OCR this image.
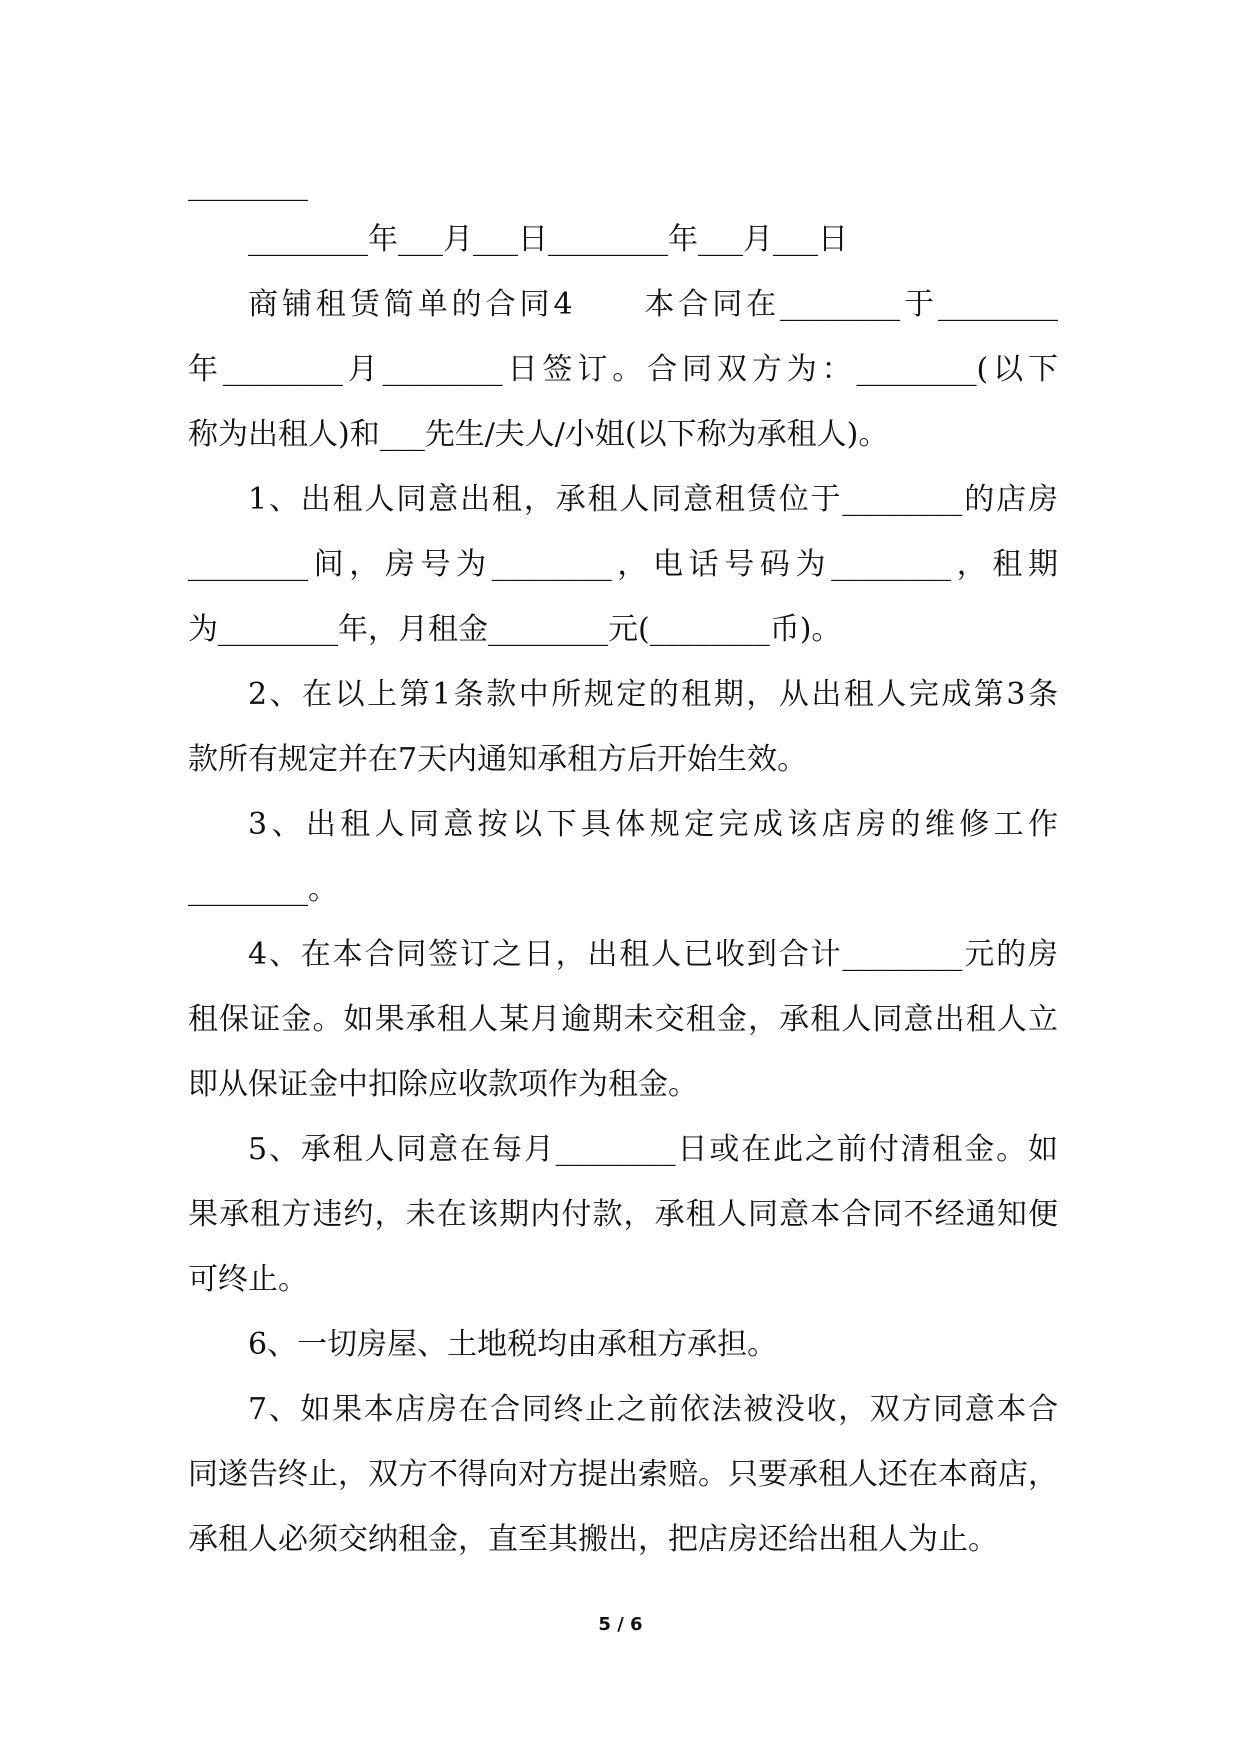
________
________年___月___日________年___月___日
商铺租赁简单的合同4　　本合同在________于________
年________月________日签订。合同双方为：________(以下
称为出租人)和___先生/夫人/小姐(以下称为承租人)。
1、出租人同意出租，承租人同意租赁位于________的店房
________间，房号为________，电话号码为________，租期
为________年，月租金________元(________币)。
2、在以上第1条款中所规定的租期，从出租人完成第3条
款所有规定并在7天内通知承租方后开始生效。
3、出租人同意按以下具体规定完成该店房的维修工作
________。
4、在本合同签订之日，出租人已收到合计________元的房
租保证金。如果承租人某月逾期未交租金，承租人同意出租人立
即从保证金中扣除应收款项作为租金。
5、承租人同意在每月________日或在此之前付清租金。如
果承租方违约，未在该期内付款，承租人同意本合同不经通知便
可终止。
6、一切房屋、土地税均由承租方承担。
7、如果本店房在合同终止之前依法被没收，双方同意本合
同遂告终止，双方不得向对方提出索赔。只要承租人还在本商店，
承租人必须交纳租金，直至其搬出，把店房还给出租人为止。
5 / 6
